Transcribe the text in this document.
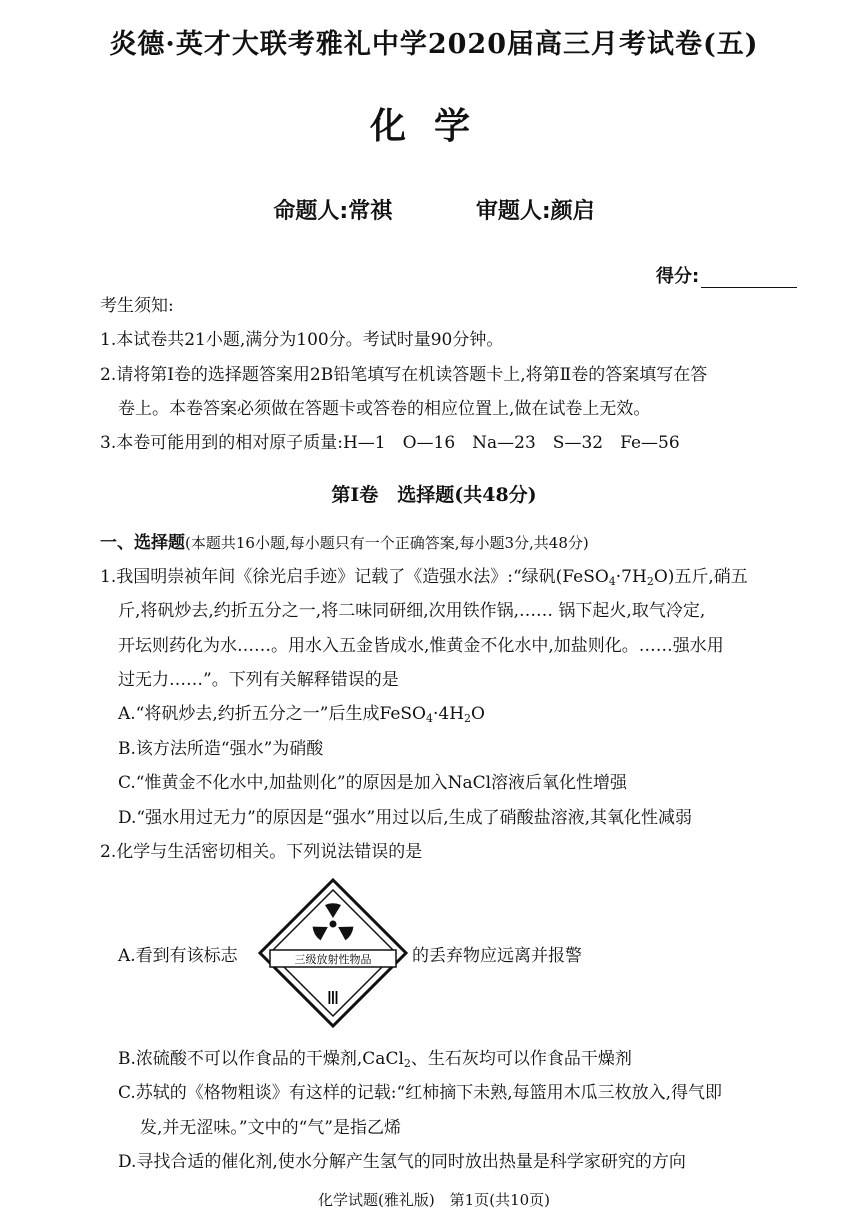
炎德·英才大联考雅礼中学2020届高三月考试卷(五)
化学
命题人:常祺	审题人:颜启
得分:
考生须知:
1.本试卷共21小题,满分为100分。考试时量90分钟。
2.请将第Ⅰ卷的选择题答案用2B铅笔填写在机读答题卡上,将第Ⅱ卷的答案填写在答
卷上。本卷答案必须做在答题卡或答卷的相应位置上,做在试卷上无效。
3.本卷可能用到的相对原子质量:H—1　O—16　Na—23　S—32　Fe—56
第Ⅰ卷　选择题(共48分)
一、选择题(本题共16小题,每小题只有一个正确答案,每小题3分,共48分)
1.我国明崇祯年间《徐光启手迹》记载了《造强水法》:“绿矾$(FeSO_4\cdot 7H_2O)$五斤,硝五
斤,将矾炒去,约折五分之一,将二味同研细,次用铁作锅,…… 锅下起火,取气冷定,
开坛则药化为水……。用水入五金皆成水,惟黄金不化水中,加盐则化。……强水用
过无力……”。下列有关解释错误的是
A.“将矾炒去,约折五分之一”后生成$FeSO_4\cdot 4H_2O$
B.该方法所造“强水”为硝酸
C.“惟黄金不化水中,加盐则化”的原因是加入NaCl溶液后氧化性增强
D.“强水用过无力”的原因是“强水”用过以后,生成了硝酸盐溶液,其氧化性减弱
2.化学与生活密切相关。下列说法错误的是
A.看到有该标志	三级放射性物品
Ⅲ
的丢弃物应远离并报警
B.浓硫酸不可以作食品的干燥剂,CaCl$_2$、生石灰均可以作食品干燥剂
C.苏轼的《格物粗谈》有这样的记载:“红柿摘下未熟,每篮用木瓜三枚放入,得气即
发,并无涩味。”文中的“气”是指乙烯
D.寻找合适的催化剂,使水分解产生氢气的同时放出热量是科学家研究的方向
化学试题(雅礼版)　第1页(共10页)
